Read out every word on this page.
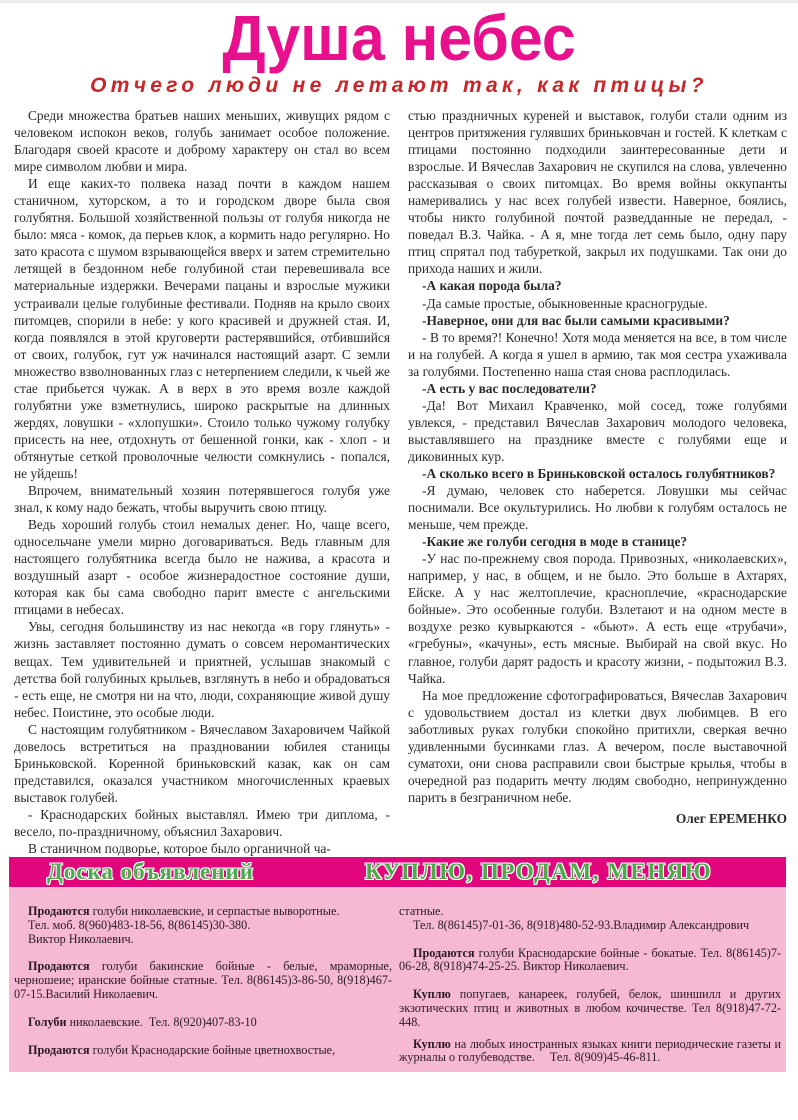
Душа небес
Отчего люди не летают так, как птицы?

Среди множества братьев наших меньших, живущих рядом с человеком испокон веков, голубь занимает особое положение. Благодаря своей красоте и доброму характеру он стал во всем мире символом любви и мира.

И еще каких-то полвека назад почти в каждом нашем станичном, хуторском, а то и городском дворе была своя голубятня. Большой хозяйственной пользы от голубя никогда не было: мяса - комок, да перьев клок, а кормить надо регулярно. Но зато красота с шумом взрывающейся вверх и затем стремительно летящей в бездонном небе голубиной стаи перевешивала все материальные издержки. Вечерами пацаны и взрослые мужики устраивали целые голубиные фестивали. Подняв на крыло своих питомцев, спорили в небе: у кого красивей и дружней стая. И, когда появлялся в этой круговерти растерявшийся, отбившийся от своих, голубок, гут уж начинался настоящий азарт. С земли множество взволнованных глаз с нетерпением следили, к чьей же стае прибьется чужак. А в верх в это время возле каждой голубятни уже взметнулись, широко раскрытые на длинных жердях, ловушки - «хлопушки». Стоило только чужому голубку присесть на нее, отдохнуть от бешенной гонки, как - хлоп - и обтянутые сеткой проволочные челюсти сомкнулись - попался, не уйдешь!

Впрочем, внимательный хозяин потерявшегося голубя уже знал, к кому надо бежать, чтобы выручить свою птицу.

Ведь хороший голубь стоил немалых денег. Но, чаще всего, односельчане умели мирно договариваться. Ведь главным для настоящего голубятника всегда было не нажива, а красота и воздушный азарт - особое жизнерадостное состояние души, которая как бы сама свободно парит вместе с ангельскими птицами в небесах.

Увы, сегодня большинству из нас некогда «в гору глянуть» - жизнь заставляет постоянно думать о совсем неромантических вещах. Тем удивительней и приятней, услышав знакомый с детства бой голубиных крыльев, взглянуть в небо и обрадоваться - есть еще, не смотря ни на что, люди, сохраняющие живой душу небес. Поистине, это особые люди.

С настоящим голубятником - Вячеславом Захаровичем Чайкой довелось встретиться на праздновании юбилея станицы Бриньковской. Коренной бриньковский казак, как он сам представился, оказался участником многочисленных краевых выставок голубей.

- Краснодарских бойных выставлял. Имею три диплома, - весело, по-праздничному, объяснил Захарович.

В станичном подворье, которое было органичной ча-

стью праздничных куреней и выставок, голуби стали одним из центров притяжения гулявших бриньковчан и гостей. К клеткам с птицами постоянно подходили заинтересованные дети и взрослые. И Вячеслав Захарович не скупился на слова, увлеченно рассказывая о своих питомцах. Во время войны оккупанты намеривались у нас всех голубей извести. Наверное, боялись, чтобы никто голубиной почтой разведданные не передал, - поведал В.З. Чайка. - А я, мне тогда лет семь было, одну пару птиц спрятал под табуреткой, закрыл их подушками. Так они до прихода наших и жили.

-А какая порода была?

-Да самые простые, обыкновенные красногрудые.

-Наверное, они для вас были самыми красивыми?

- В то время?! Конечно! Хотя мода меняется на все, в том числе и на голубей. А когда я ушел в армию, так моя сестра ухаживала за голубями. Постепенно наша стая снова расплодилась.

-А есть у вас последователи?

-Да! Вот Михаил Кравченко, мой сосед, тоже голубями увлекся, - представил Вячеслав Захарович молодого человека, выставлявшего на празднике вместе с голубями еще и диковинных кур.

-А сколько всего в Бриньковской осталось голубятников?

-Я думаю, человек сто наберется. Ловушки мы сейчас поснимали. Все окультурились. Но любви к голубям осталось не меньше, чем прежде.

-Какие же голуби сегодня в моде в станице?

-У нас по-прежнему своя порода. Привозных, «николаевских», например, у нас, в общем, и не было. Это больше в Ахтарях, Ейске. А у нас желтоплечие, красноплечие, «краснодарские бойные». Это особенные голуби. Взлетают и на одном месте в воздухе резко кувыркаются - «бьют». А есть еще «трубачи», «гребуны», «качуны», есть мясные. Выбирай на свой вкус. Но главное, голуби дарят радость и красоту жизни, - подытожил В.З. Чайка.

На мое предложение сфотографироваться, Вячеслав Захарович с удовольствием достал из клетки двух любимцев. В его заботливых руках голубки спокойно притихли, сверкая вечно удивленными бусинками глаз. А вечером, после выставочной суматохи, они снова расправили свои быстрые крылья, чтобы в очередной раз подарить мечту людям свободно, непринужденно парить в безграничном небе.

Олег ЕРЕМЕНКО

Доска объявлений	КУПЛЮ, ПРОДАМ, МЕНЯЮ
Продаются голуби николаевские, и серпастые выворотные.
Тел. моб. 8(960)483-18-56, 8(86145)30-380.
Виктор Николаевич.
Продаются голуби бакинские бойные - белые, мраморные, черношеие; иранские бойные статные. Тел. 8(86145)3-86-50, 8(918)467-07-15.Василий Николаевич.
Голуби николаевские.  Тел. 8(920)407-83-10
Продаются голуби Краснодарские бойные цветнохвостые,
статные.
Тел. 8(86145)7-01-36, 8(918)480-52-93.Владимир Александрович
Продаются голуби Краснодарские бойные - бокатые. Тел. 8(86145)7-06-28, 8(918)474-25-25. Виктор Николаевич.
Куплю попугаев, канареек, голубей, белок, шиншилл и других экзотических птиц и животных в любом кочичестве. Тел 8(918)47-72-448.
Куплю на любых иностранных языках книги периодические газеты и журналы о голубеводстве.     Тел. 8(909)45-46-811.
